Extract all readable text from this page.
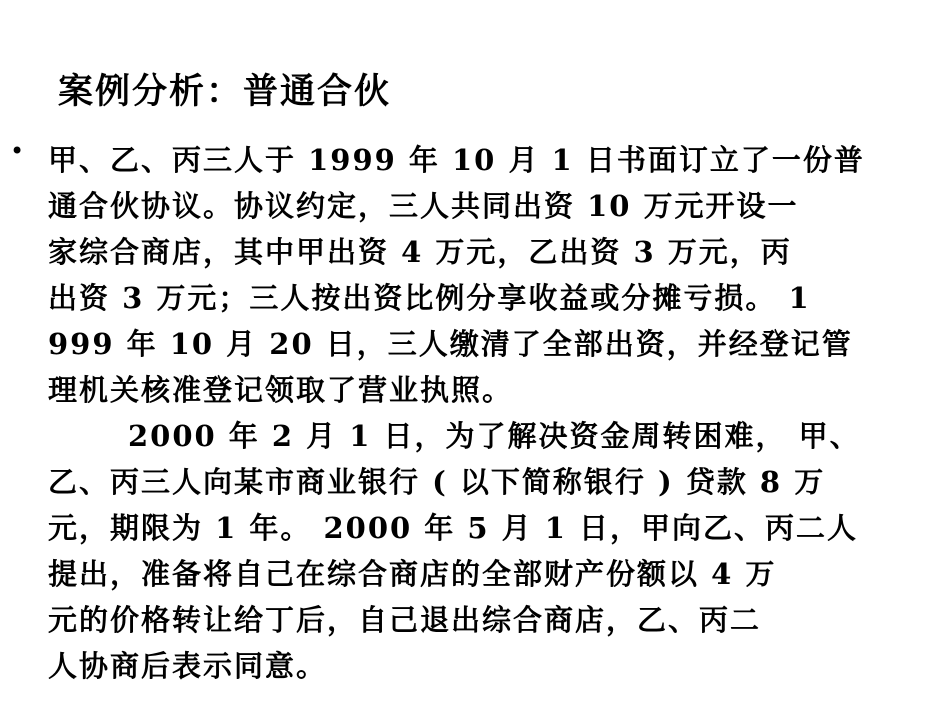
案例分析：普通合伙
• 甲、乙、丙三人于 1999 年 10 月 1 日书面订立了一份普
通合伙协议。协议约定，三人共同出资 10 万元开设一
家综合商店，其中甲出资 4 万元，乙出资 3 万元，丙
出资 3 万元；三人按出资比例分享收益或分摊亏损。 1
999 年 10 月 20 日，三人缴清了全部出资，并经登记管
理机关核准登记领取了营业执照。
2000 年 2 月 1 日，为了解决资金周转困难， 甲、
乙、丙三人向某市商业银行 ( 以下简称银行 ) 贷款 8 万
元，期限为 1 年。 2000 年 5 月 1 日，甲向乙、丙二人
提出，准备将自己在综合商店的全部财产份额以 4 万
元的价格转让给丁后，自己退出综合商店，乙、丙二
人协商后表示同意。
